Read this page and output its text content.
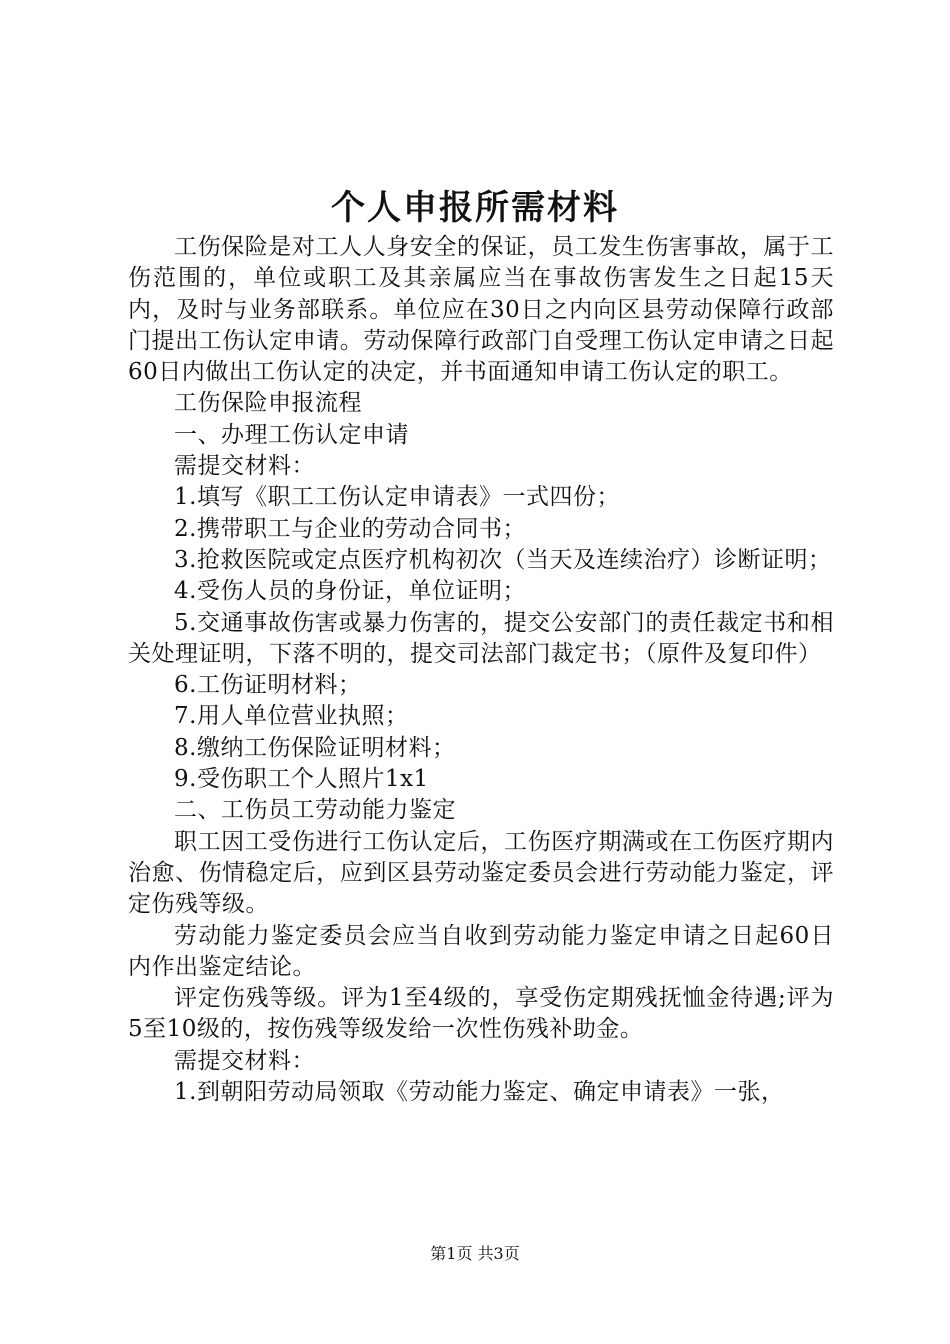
个人申报所需材料

工伤保险是对工人人身安全的保证，员工发生伤害事故，属于工伤范围的，单位或职工及其亲属应当在事故伤害发生之日起15天内，及时与业务部联系。单位应在30日之内向区县劳动保障行政部门提出工伤认定申请。劳动保障行政部门自受理工伤认定申请之日起60日内做出工伤认定的决定，并书面通知申请工伤认定的职工。

工伤保险申报流程

一、办理工伤认定申请

需提交材料：

1.填写《职工工伤认定申请表》一式四份；

2.携带职工与企业的劳动合同书；

3.抢救医院或定点医疗机构初次（当天及连续治疗）诊断证明；

4.受伤人员的身份证，单位证明；

5.交通事故伤害或暴力伤害的，提交公安部门的责任裁定书和相关处理证明，下落不明的，提交司法部门裁定书；（原件及复印件）

6.工伤证明材料；

7.用人单位营业执照；

8.缴纳工伤保险证明材料；

9.受伤职工个人照片1x1

二、工伤员工劳动能力鉴定

职工因工受伤进行工伤认定后，工伤医疗期满或在工伤医疗期内治愈、伤情稳定后，应到区县劳动鉴定委员会进行劳动能力鉴定，评定伤残等级。

劳动能力鉴定委员会应当自收到劳动能力鉴定申请之日起60日内作出鉴定结论。

评定伤残等级。评为1至4级的，享受伤定期残抚恤金待遇;评为5至10级的，按伤残等级发给一次性伤残补助金。

需提交材料：

1.到朝阳劳动局领取《劳动能力鉴定、确定申请表》一张，

第1页 共3页
